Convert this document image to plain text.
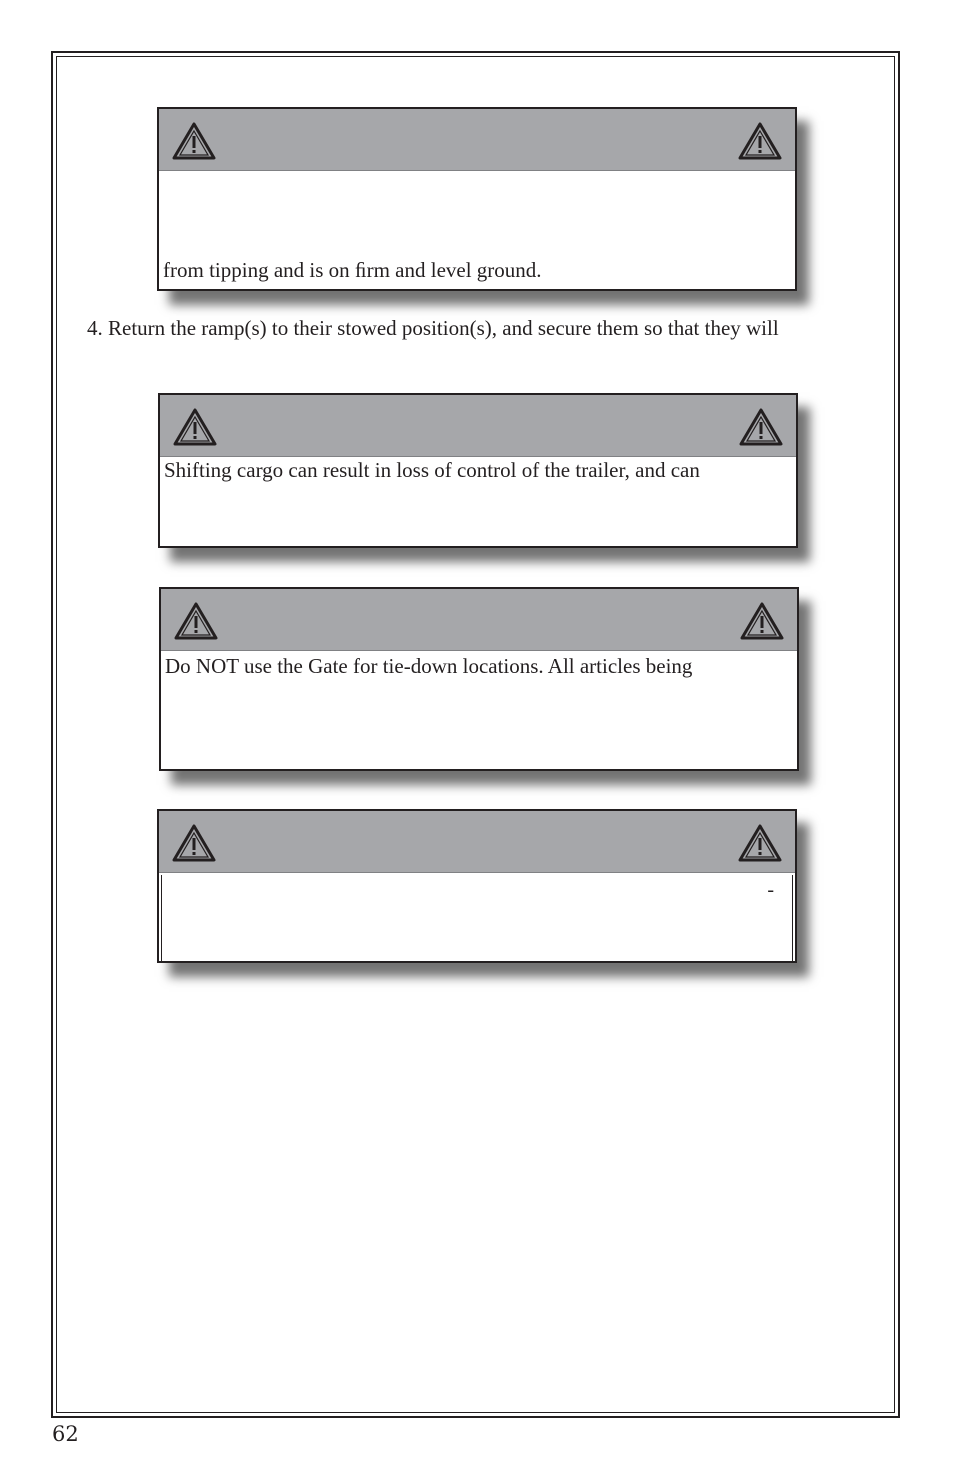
from tipping and is on ﬁrm and level ground.
4. Return the ramp(s) to their stowed position(s), and secure them so that they will
Shifting cargo can result in loss of control of the trailer, and can
Do NOT use the Gate for tie-down locations. All articles being
-
62
